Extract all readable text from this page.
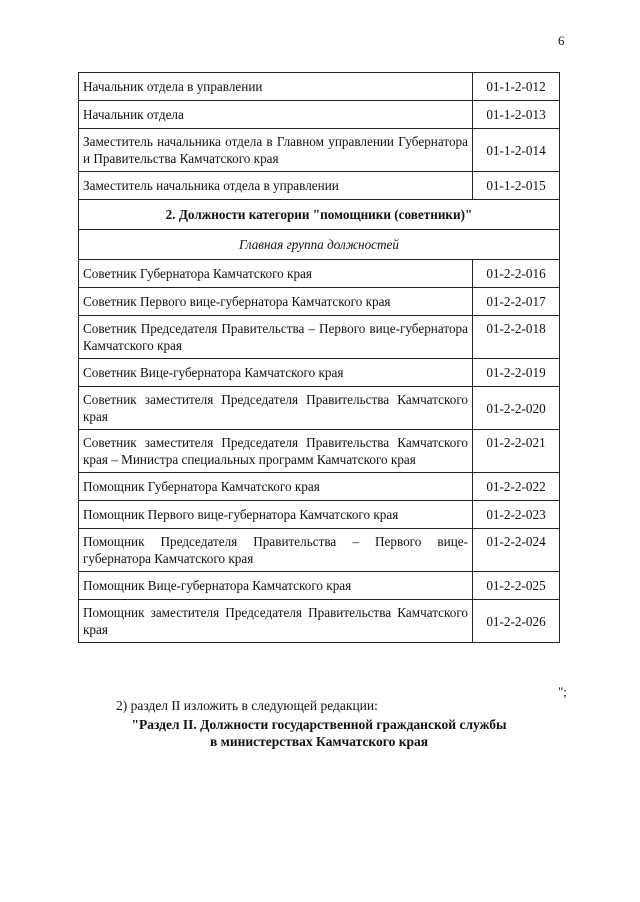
6
Начальник отдела в управлении	01-1-2-012
Начальник отдела	01-1-2-013
Заместитель начальника отдела в Главном управлении Губернатора и Правительства Камчатского края	01-1-2-014
Заместитель начальника отдела в управлении	01-1-2-015
2. Должности категории "помощники (советники)"	
Главная группа должностей	
Советник Губернатора Камчатского края	01-2-2-016
Советник Первого вице-губернатора Камчатского края	01-2-2-017
Советник Председателя Правительства – Первого вице-губернатора Камчатского края	01-2-2-018
Советник Вице-губернатора Камчатского края	01-2-2-019
Советник заместителя Председателя Правительства Камчатского края	01-2-2-020
Советник заместителя Председателя Правительства Камчатского края – Министра специальных программ Камчатского края	01-2-2-021
Помощник Губернатора Камчатского края	01-2-2-022
Помощник Первого вице-губернатора Камчатского края	01-2-2-023
Помощник Председателя Правительства – Первого вице-губернатора Камчатского края	01-2-2-024
Помощник Вице-губернатора Камчатского края	01-2-2-025
Помощник заместителя Председателя Правительства Камчатского края	01-2-2-026
";
2) раздел II изложить в следующей редакции:
"Раздел II. Должности государственной гражданской службы
в министерствах Камчатского края
